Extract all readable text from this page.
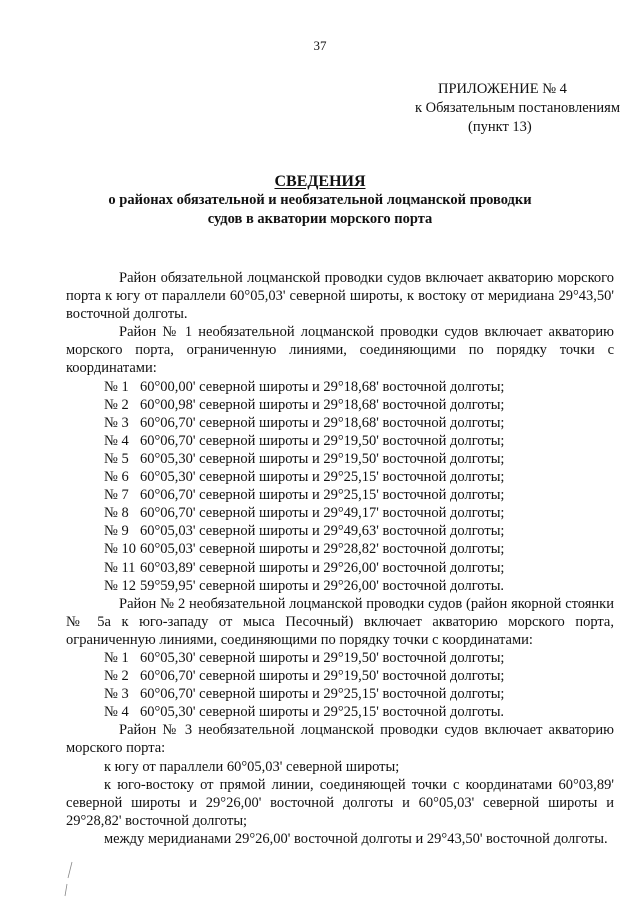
37
ПРИЛОЖЕНИЕ № 4
к Обязательным постановлениям
(пункт 13)
СВЕДЕНИЯ
о районах обязательной и необязательной лоцманской проводки
судов в акватории морского порта

Район обязательной лоцманской проводки судов включает акваторию морского порта к югу от параллели 60°05,03' северной широты, к востоку от меридиана 29°43,50' восточной долготы.

Район № 1 необязательной лоцманской проводки судов включает акваторию морского порта, ограниченную линиями, соединяющими по порядку точки с координатами:

№ 1 60°00,00' северной широты и 29°18,68' восточной долготы;

№ 2 60°00,98' северной широты и 29°18,68' восточной долготы;

№ 3 60°06,70' северной широты и 29°18,68' восточной долготы;

№ 4 60°06,70' северной широты и 29°19,50' восточной долготы;

№ 5 60°05,30' северной широты и 29°19,50' восточной долготы;

№ 6 60°05,30' северной широты и 29°25,15' восточной долготы;

№ 7 60°06,70' северной широты и 29°25,15' восточной долготы;

№ 8 60°06,70' северной широты и 29°49,17' восточной долготы;

№ 9 60°05,03' северной широты и 29°49,63' восточной долготы;

№ 10 60°05,03' северной широты и 29°28,82' восточной долготы;

№ 11 60°03,89' северной широты и 29°26,00' восточной долготы;

№ 12 59°59,95' северной широты и 29°26,00' восточной долготы.

Район № 2 необязательной лоцманской проводки судов (район якорной стоянки № 5а к юго-западу от мыса Песочный) включает акваторию морского порта, ограниченную линиями, соединяющими по порядку точки с координатами:

№ 1 60°05,30' северной широты и 29°19,50' восточной долготы;

№ 2 60°06,70' северной широты и 29°19,50' восточной долготы;

№ 3 60°06,70' северной широты и 29°25,15' восточной долготы;

№ 4 60°05,30' северной широты и 29°25,15' восточной долготы.

Район № 3 необязательной лоцманской проводки судов включает акваторию морского порта:

к югу от параллели 60°05,03' северной широты;

к юго-востоку от прямой линии, соединяющей точки с координатами 60°03,89' северной широты и 29°26,00' восточной долготы и 60°05,03' северной широты и 29°28,82' восточной долготы;

между меридианами 29°26,00' восточной долготы и 29°43,50' восточной долготы.
